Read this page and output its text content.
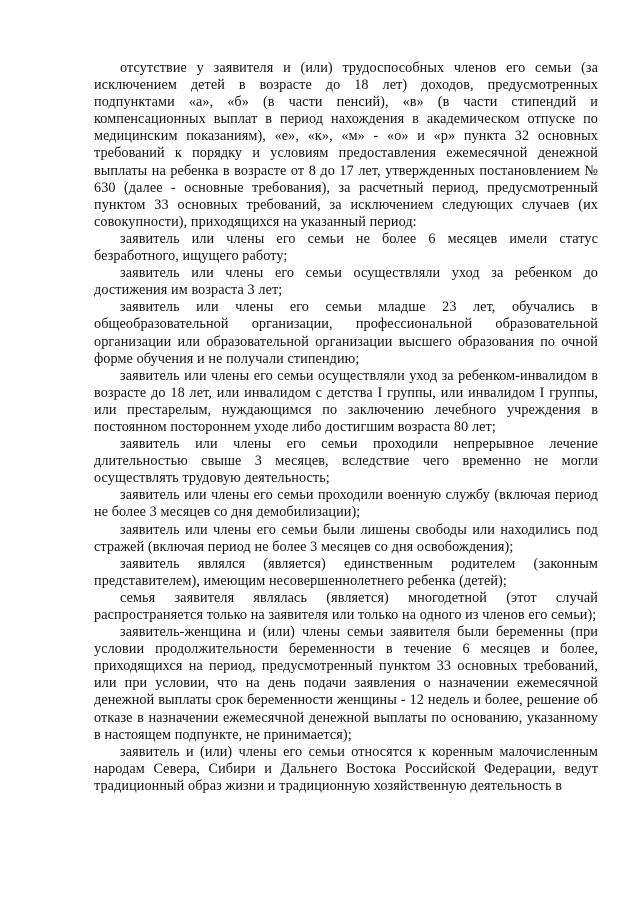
отсутствие у заявителя и (или) трудоспособных членов его семьи (за исключением детей в возрасте до 18 лет) доходов, предусмотренных подпунктами «а», «б» (в части пенсий), «в» (в части стипендий и компенсационных выплат в период нахождения в академическом отпуске по медицинским показаниям), «е», «к», «м» - «о» и «р» пункта 32 основных требований к порядку и условиям предоставления ежемесячной денежной выплаты на ребенка в возрасте от 8 до 17 лет, утвержденных постановлением № 630 (далее - основные требования), за расчетный период, предусмотренный пунктом 33 основных требований, за исключением следующих случаев (их совокупности), приходящихся на указанный период:

заявитель или члены его семьи не более 6 месяцев имели статус безработного, ищущего работу;

заявитель или члены его семьи осуществляли уход за ребенком до достижения им возраста 3 лет;

заявитель или члены его семьи младше 23 лет, обучались в общеобразовательной организации, профессиональной образовательной организации или образовательной организации высшего образования по очной форме обучения и не получали стипендию;

заявитель или члены его семьи осуществляли уход за ребенком-инвалидом в возрасте до 18 лет, или инвалидом с детства I группы, или инвалидом I группы, или престарелым, нуждающимся по заключению лечебного учреждения в постоянном постороннем уходе либо достигшим возраста 80 лет;

заявитель или члены его семьи проходили непрерывное лечение длительностью свыше 3 месяцев, вследствие чего временно не могли осуществлять трудовую деятельность;

заявитель или члены его семьи проходили военную службу (включая период не более 3 месяцев со дня демобилизации);

заявитель или члены его семьи были лишены свободы или находились под стражей (включая период не более 3 месяцев со дня освобождения);

заявитель являлся (является) единственным родителем (законным представителем), имеющим несовершеннолетнего ребенка (детей);

семья заявителя являлась (является) многодетной (этот случай распространяется только на заявителя или только на одного из членов его семьи);

заявитель-женщина и (или) члены семьи заявителя были беременны (при условии продолжительности беременности в течение 6 месяцев и более, приходящихся на период, предусмотренный пунктом 33 основных требований, или при условии, что на день подачи заявления о назначении ежемесячной денежной выплаты срок беременности женщины - 12 недель и более, решение об отказе в назначении ежемесячной денежной выплаты по основанию, указанному в настоящем подпункте, не принимается);

заявитель и (или) члены его семьи относятся к коренным малочисленным народам Севера, Сибири и Дальнего Востока Российской Федерации, ведут традиционный образ жизни и традиционную хозяйственную деятельность в
